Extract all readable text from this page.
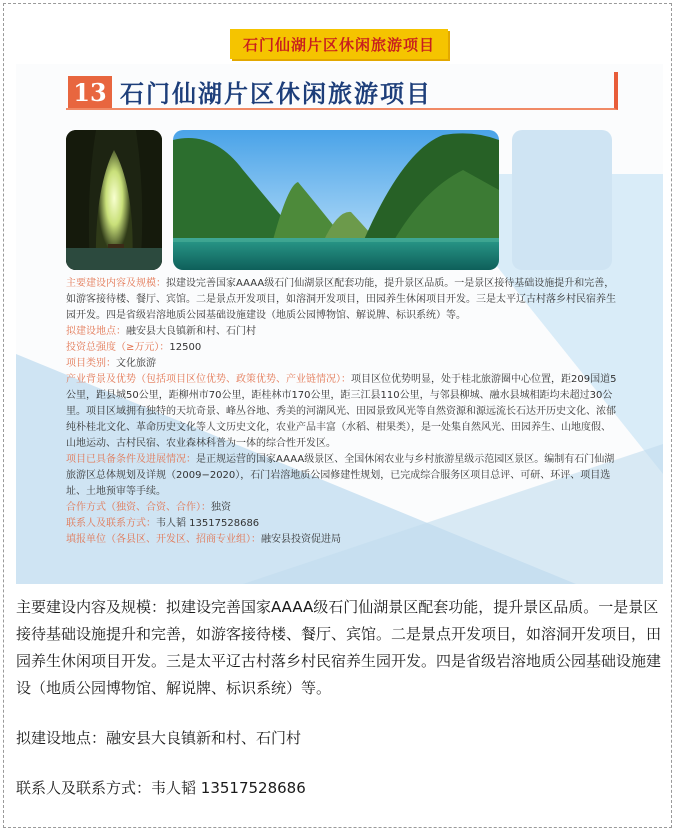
石门仙湖片区休闲旅游项目
13 石门仙湖片区休闲旅游项目

主要建设内容及规模：拟建设完善国家AAAA级石门仙湖景区配套功能，提升景区品质。一是景区接待基础设施提升和完善，如游客接待楼、餐厅、宾馆。二是景点开发项目，如溶洞开发项目，田园养生休闲项目开发。三是太平辽古村落乡村民宿养生园开发。四是省级岩溶地质公园基础设施建设（地质公园博物馆、解说牌、标识系统）等。

拟建设地点：融安县大良镇新和村、石门村

投资总强度（≥万元）：12500

项目类别：文化旅游

产业背景及优势（包括项目区位优势、政策优势、产业链情况）：项目区位优势明显，处于桂北旅游圈中心位置，距209国道5公里，距县城50公里，距柳州市70公里，距桂林市170公里，距三江县110公里，与邻县柳城、融水县城相距均未超过30公里。项目区域拥有独特的天坑奇景、峰丛谷地、秀美的河湖风光、田园景致风光等自然资源和源远流长石达开历史文化、浓郁纯朴桂北文化、革命历史文化等人文历史文化，农业产品丰富（水稻、柑果类），是一处集自然风光、田园养生、山地度假、山地运动、古村民宿、农业森林科普为一体的综合性开发区。

项目已具备条件及进展情况：是正规运营的国家AAAA级景区、全国休闲农业与乡村旅游星级示范园区景区。编制有石门仙湖旅游区总体规划及详规（2009−2020），石门岩溶地质公园修建性规划，已完成综合服务区项目总评、可研、环评、项目选址、土地预审等手续。

合作方式（独资、合资、合作）：独资

联系人及联系方式：韦人韬 13517528686

填报单位（各县区、开发区、招商专业组）：融安县投资促进局

主要建设内容及规模：拟建设完善国家AAAA级石门仙湖景区配套功能，提升景区品质。一是景区接待基础设施提升和完善，如游客接待楼、餐厅、宾馆。二是景点开发项目，如溶洞开发项目，田园养生休闲项目开发。三是太平辽古村落乡村民宿养生园开发。四是省级岩溶地质公园基础设施建设（地质公园博物馆、解说牌、标识系统）等。

拟建设地点：融安县大良镇新和村、石门村

联系人及联系方式：韦人韬 13517528686
